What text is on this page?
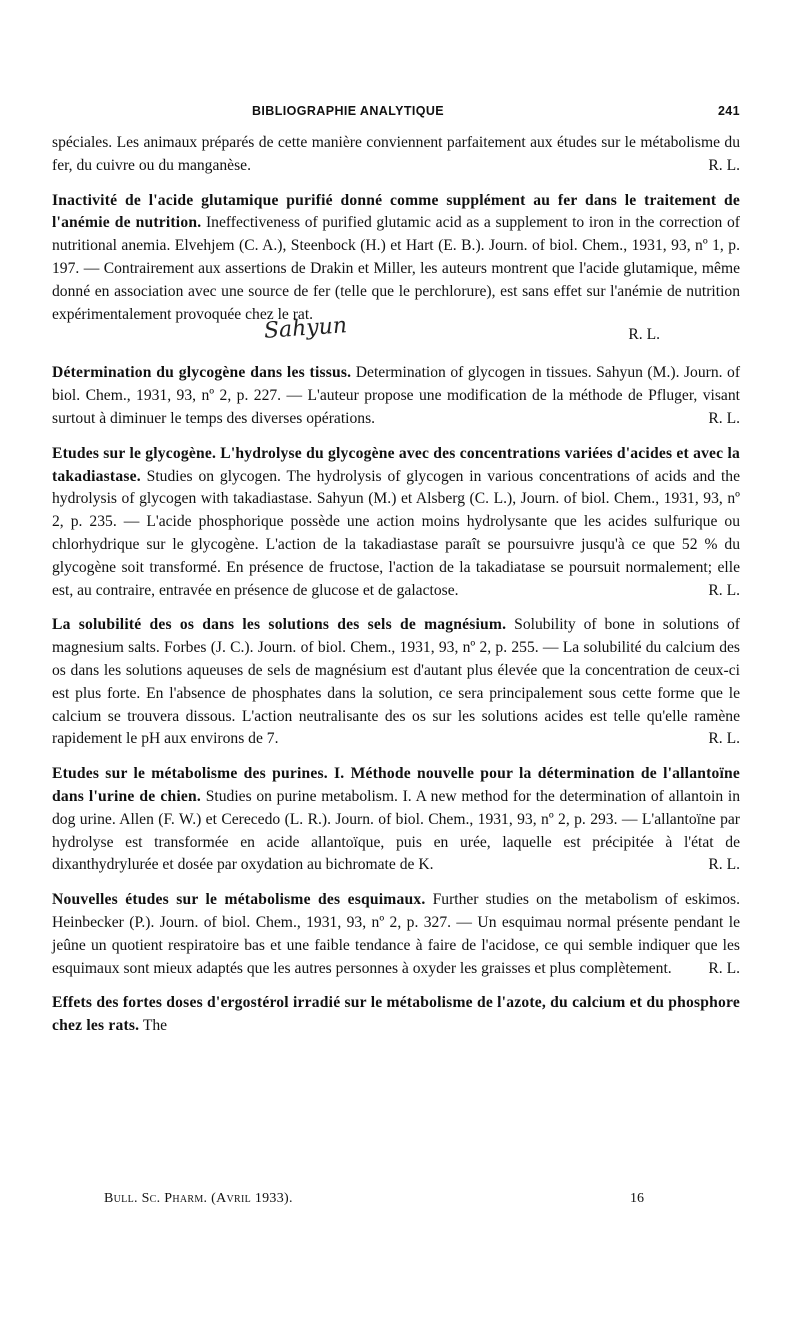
BIBLIOGRAPHIE ANALYTIQUE	241

spéciales. Les animaux préparés de cette manière conviennent parfaitement aux études sur le métabolisme du fer, du cuivre ou du manganèse.	R. L.

Inactivité de l'acide glutamique purifié donné comme supplément au fer dans le traitement de l'anémie de nutrition. Ineffectiveness of purified glutamic acid as a supplement to iron in the correction of nutritional anemia. Elvehjem (C. A.), Steenbock (H.) et Hart (E. B.). Journ. of biol. Chem., 1931, 93, nº 1, p. 197. — Contrairement aux assertions de Drakin et Miller, les auteurs montrent que l'acide glutamique, même donné en association avec une source de fer (telle que le perchlorure), est sans effet sur l'anémie de nutrition expérimentalement provoquée chez le rat.

Sahyun	R. L.

Détermination du glycogène dans les tissus. Determination of glycogen in tissues. Sahyun (M.). Journ. of biol. Chem., 1931, 93, nº 2, p. 227. — L'auteur propose une modification de la méthode de Pfluger, visant surtout à diminuer le temps des diverses opérations.	R. L.

Etudes sur le glycogène. L'hydrolyse du glycogène avec des concentrations variées d'acides et avec la takadiastase. Studies on glycogen. The hydrolysis of glycogen in various concentrations of acids and the hydrolysis of glycogen with takadiastase. Sahyun (M.) et Alsberg (C. L.), Journ. of biol. Chem., 1931, 93, nº 2, p. 235. — L'acide phosphorique possède une action moins hydrolysante que les acides sulfurique ou chlorhydrique sur le glycogène. L'action de la takadiastase paraît se poursuivre jusqu'à ce que 52 % du glycogène soit transformé. En présence de fructose, l'action de la takadiatase se poursuit normalement; elle est, au contraire, entravée en présence de glucose et de galactose.	R. L.

La solubilité des os dans les solutions des sels de magnésium. Solubility of bone in solutions of magnesium salts. Forbes (J. C.). Journ. of biol. Chem., 1931, 93, nº 2, p. 255. — La solubilité du calcium des os dans les solutions aqueuses de sels de magnésium est d'autant plus élevée que la concentration de ceux-ci est plus forte. En l'absence de phosphates dans la solution, ce sera principalement sous cette forme que le calcium se trouvera dissous. L'action neutralisante des os sur les solutions acides est telle qu'elle ramène rapidement le pH aux environs de 7.	R. L.

Etudes sur le métabolisme des purines. I. Méthode nouvelle pour la détermination de l'allantoïne dans l'urine de chien. Studies on purine metabolism. I. A new method for the determination of allantoin in dog urine. Allen (F. W.) et Cerecedo (L. R.). Journ. of biol. Chem., 1931, 93, nº 2, p. 293. — L'allantoïne par hydrolyse est transformée en acide allantoïque, puis en urée, laquelle est précipitée à l'état de dixanthydrylurée et dosée par oxydation au bichromate de K.	R. L.

Nouvelles études sur le métabolisme des esquimaux. Further studies on the metabolism of eskimos. Heinbecker (P.). Journ. of biol. Chem., 1931, 93, nº 2, p. 327. — Un esquimau normal présente pendant le jeûne un quotient respiratoire bas et une faible tendance à faire de l'acidose, ce qui semble indiquer que les esquimaux sont mieux adaptés que les autres personnes à oxyder les graisses et plus complètement. R. L.

Effets des fortes doses d'ergostérol irradié sur le métabolisme de l'azote, du calcium et du phosphore chez les rats. The

Bull. Sc. Pharm. (Avril 1933).	16
